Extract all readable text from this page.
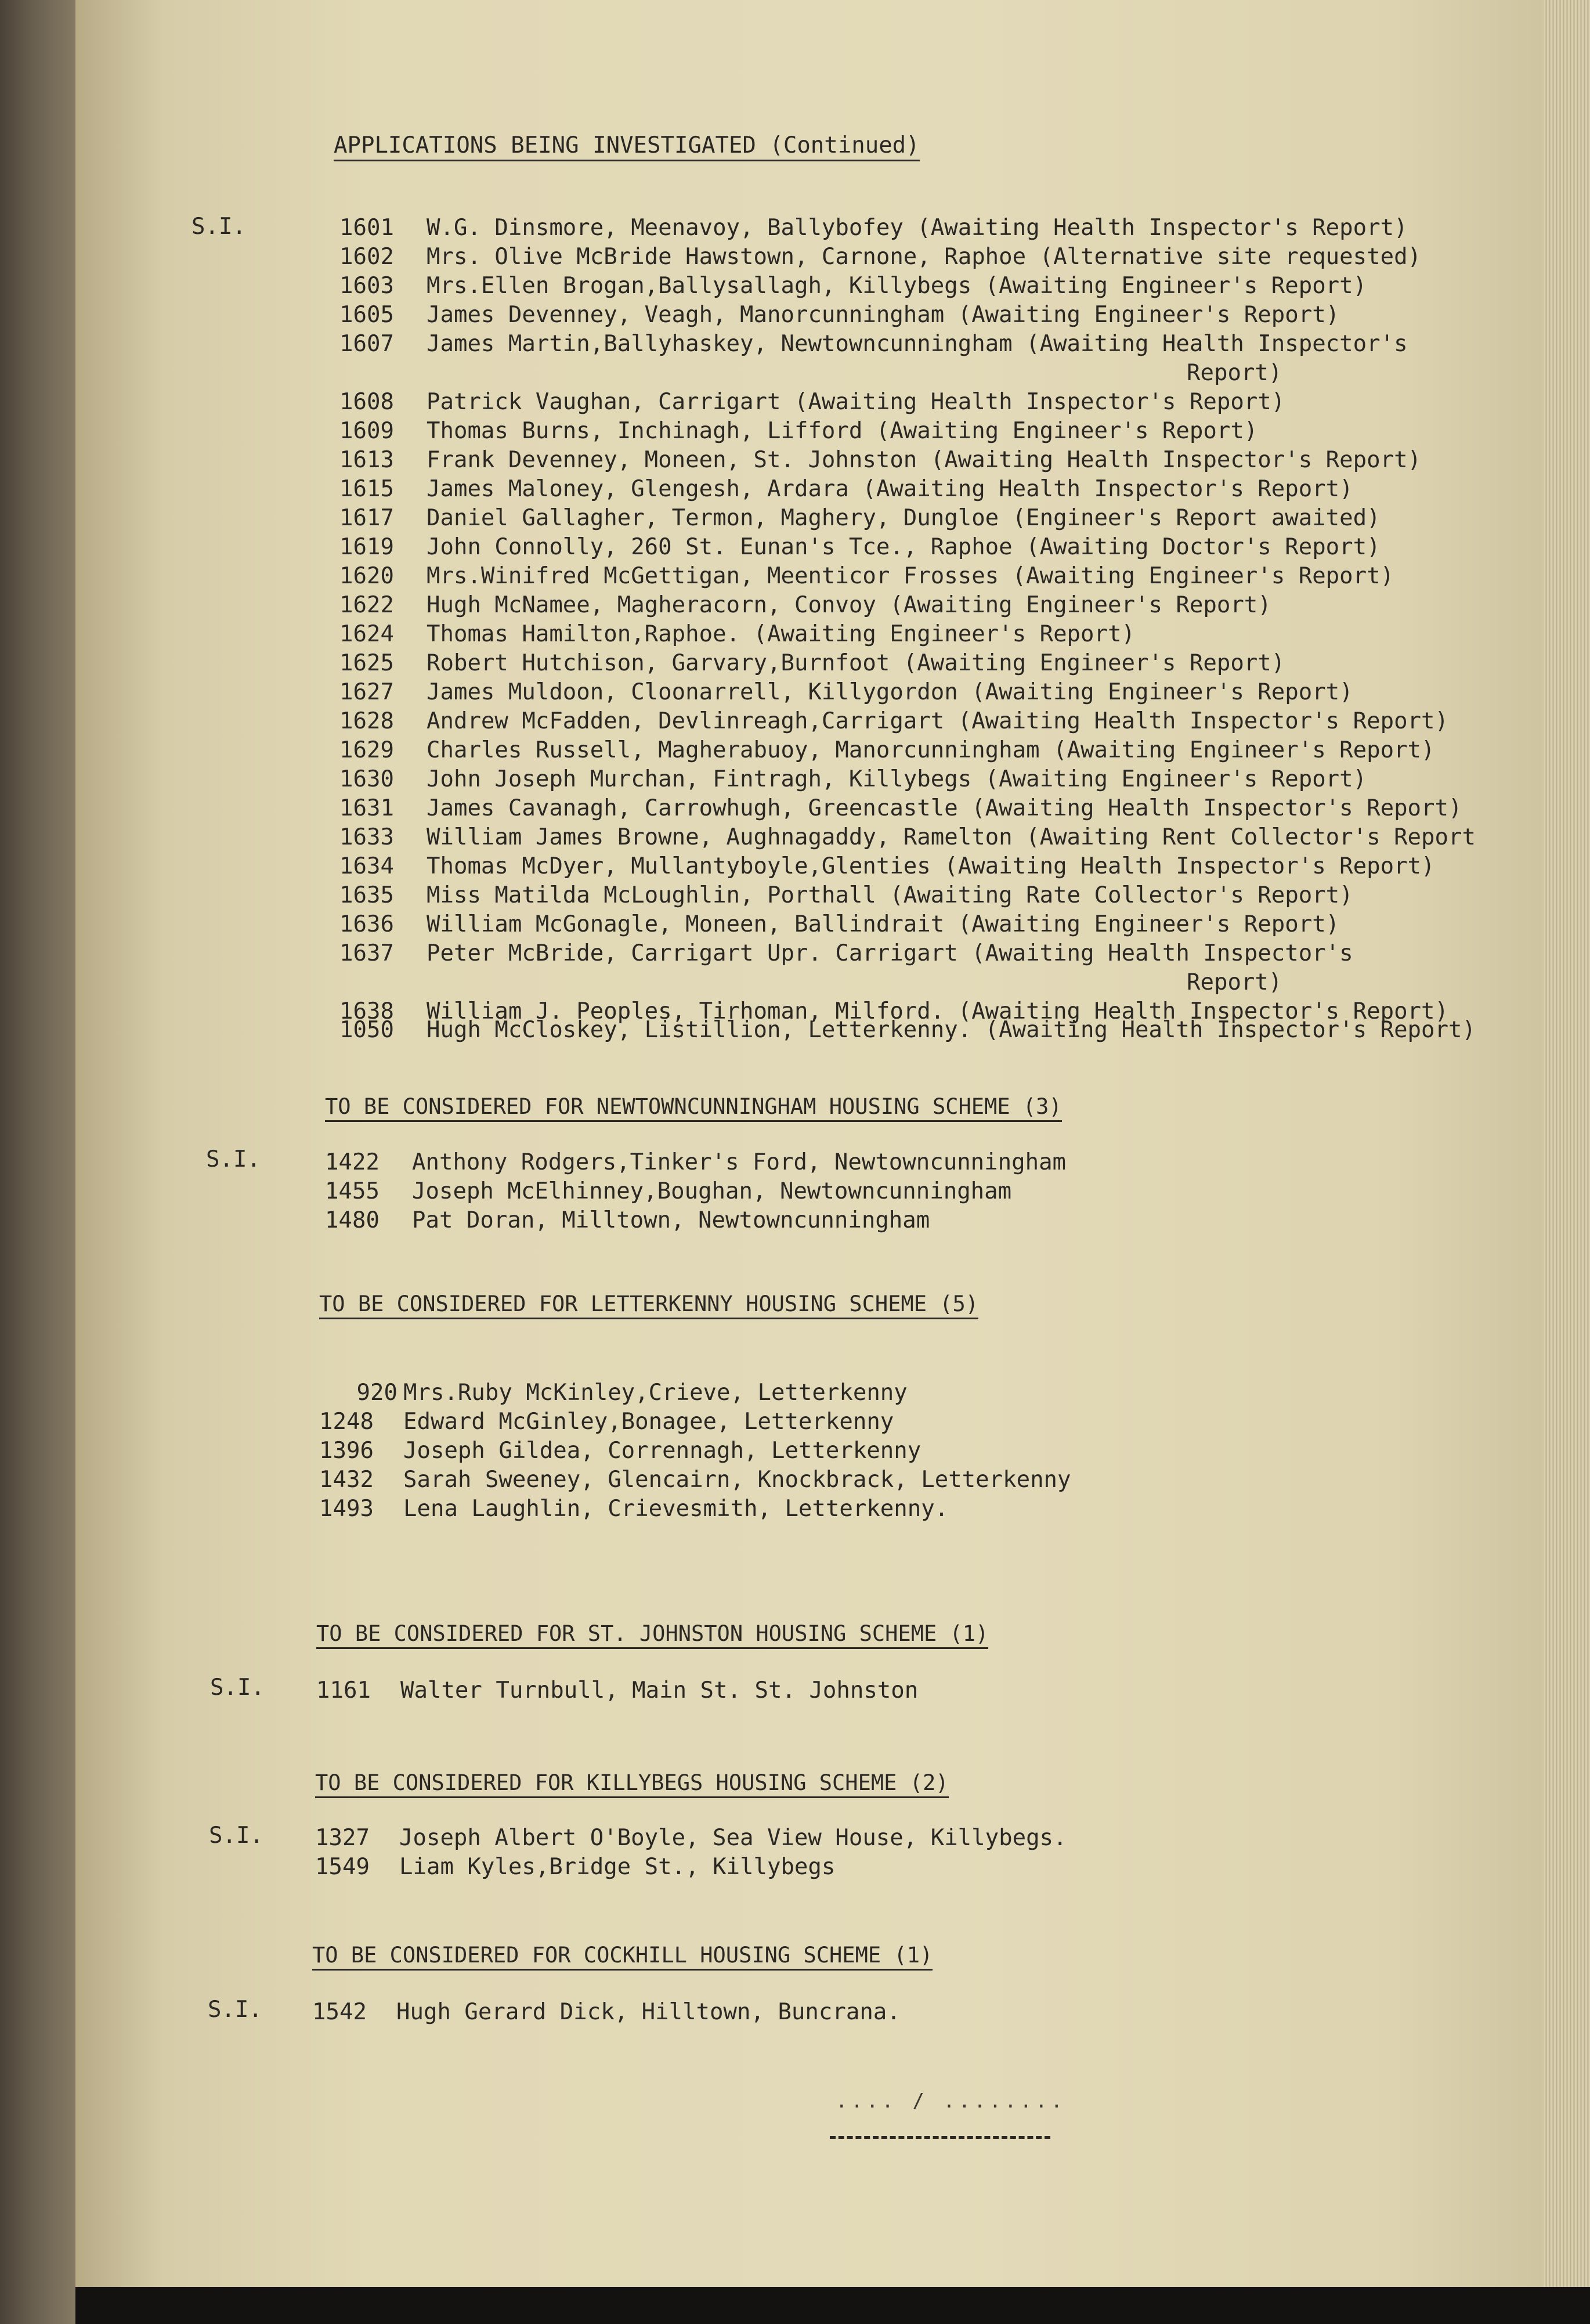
APPLICATIONS BEING INVESTIGATED (Continued)
S.I.	1601	W.G. Dinsmore, Meenavoy, Ballybofey (Awaiting Health Inspector's Report)
1602	Mrs. Olive McBride Hawstown, Carnone, Raphoe (Alternative site requested)
1603	Mrs.Ellen Brogan,Ballysallagh, Killybegs (Awaiting Engineer's Report)
1605	James Devenney, Veagh, Manorcunningham (Awaiting Engineer's Report)
1607	James Martin,Ballyhaskey, Newtowncunningham (Awaiting Health Inspector's
Report)
1608	Patrick Vaughan, Carrigart (Awaiting Health Inspector's Report)
1609	Thomas Burns, Inchinagh, Lifford (Awaiting Engineer's Report)
1613	Frank Devenney, Moneen, St. Johnston (Awaiting Health Inspector's Report)
1615	James Maloney, Glengesh, Ardara (Awaiting Health Inspector's Report)
1617	Daniel Gallagher, Termon, Maghery, Dungloe (Engineer's Report awaited)
1619	John Connolly, 260 St. Eunan's Tce., Raphoe (Awaiting Doctor's Report)
1620	Mrs.Winifred McGettigan, Meenticor Frosses (Awaiting Engineer's Report)
1622	Hugh McNamee, Magheracorn, Convoy (Awaiting Engineer's Report)
1624	Thomas Hamilton,Raphoe. (Awaiting Engineer's Report)
1625	Robert Hutchison, Garvary,Burnfoot (Awaiting Engineer's Report)
1627	James Muldoon, Cloonarrell, Killygordon (Awaiting Engineer's Report)
1628	Andrew McFadden, Devlinreagh,Carrigart (Awaiting Health Inspector's Report)
1629	Charles Russell, Magherabuoy, Manorcunningham (Awaiting Engineer's Report)
1630	John Joseph Murchan, Fintragh, Killybegs (Awaiting Engineer's Report)
1631	James Cavanagh, Carrowhugh, Greencastle (Awaiting Health Inspector's Report)
1633	William James Browne, Aughnagaddy, Ramelton (Awaiting Rent Collector's Report
1634	Thomas McDyer, Mullantyboyle,Glenties (Awaiting Health Inspector's Report)
1635	Miss Matilda McLoughlin, Porthall (Awaiting Rate Collector's Report)
1636	William McGonagle, Moneen, Ballindrait (Awaiting Engineer's Report)
1637	Peter McBride, Carrigart Upr. Carrigart (Awaiting Health Inspector's
Report)
1638	William J. Peoples, Tirhoman, Milford. (Awaiting Health Inspector's Report)
1050	Hugh McCloskey, Listillion, Letterkenny. (Awaiting Health Inspector's Report)
TO BE CONSIDERED FOR NEWTOWNCUNNINGHAM HOUSING SCHEME (3)
S.I.	1422	Anthony Rodgers,Tinker's Ford, Newtowncunningham
1455	Joseph McElhinney,Boughan, Newtowncunningham
1480	Pat Doran, Milltown, Newtowncunningham
TO BE CONSIDERED FOR LETTERKENNY HOUSING SCHEME (5)
920 Mrs.Ruby McKinley,Crieve, Letterkenny
1248	Edward McGinley,Bonagee, Letterkenny
1396	Joseph Gildea, Corrennagh, Letterkenny
1432	Sarah Sweeney, Glencairn, Knockbrack, Letterkenny
1493	Lena Laughlin, Crievesmith, Letterkenny.
TO BE CONSIDERED FOR ST. JOHNSTON HOUSING SCHEME (1)
S.I. 1161	Walter Turnbull, Main St. St. Johnston
TO BE CONSIDERED FOR KILLYBEGS HOUSING SCHEME (2)
S.I. 1327	Joseph Albert O'Boyle, Sea View House, Killybegs.
1549	Liam Kyles,Bridge St., Killybegs
TO BE CONSIDERED FOR COCKHILL HOUSING SCHEME (1)
S.I. 1542	Hugh Gerard Dick, Hilltown, Buncrana.
.... / ........
